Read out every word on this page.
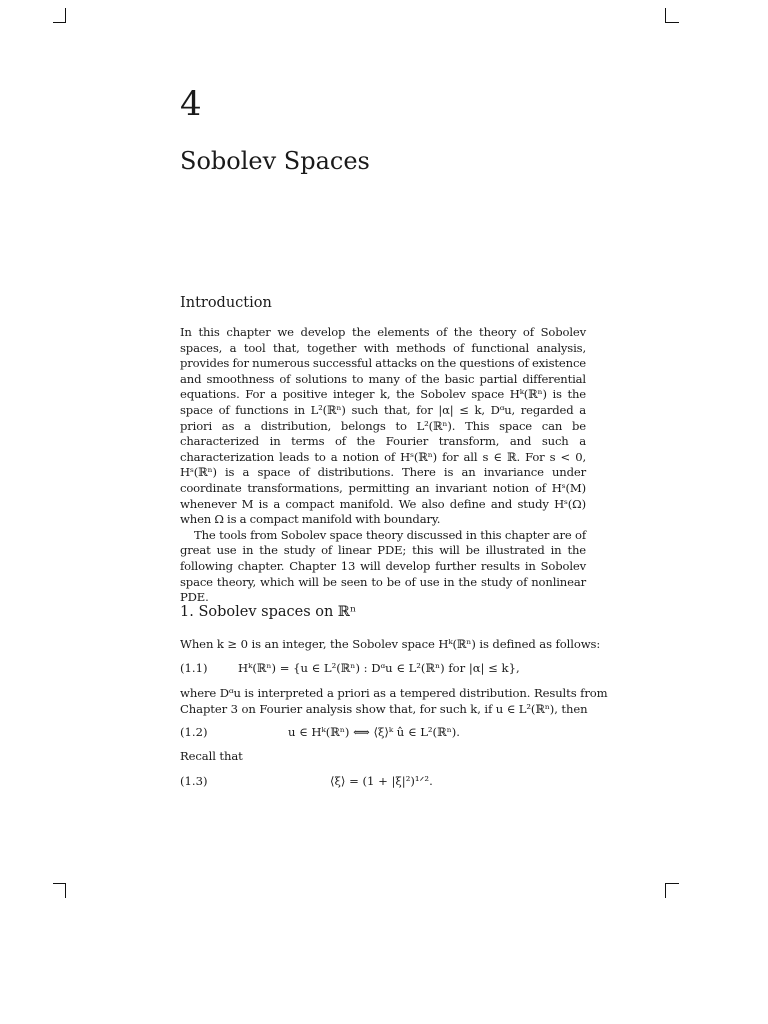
4
Sobolev Spaces
Introduction

In this chapter we develop the elements of the theory of Sobolev spaces, a tool that, together with methods of functional analysis, provides for numerous successful attacks on the questions of existence and smoothness of solutions to many of the basic partial differential equations. For a positive integer k, the Sobolev space Hᵏ(ℝⁿ) is the space of functions in L²(ℝⁿ) such that, for |α| ≤ k, Dᵅu, regarded a priori as a distribution, belongs to L²(ℝⁿ). This space can be characterized in terms of the Fourier transform, and such a characterization leads to a notion of Hˢ(ℝⁿ) for all s ∈ ℝ. For s < 0, Hˢ(ℝⁿ) is a space of distributions. There is an invariance under coordinate transformations, permitting an invariant notion of Hˢ(M) whenever M is a compact manifold. We also define and study Hˢ(Ω) when Ω is a compact manifold with boundary.

The tools from Sobolev space theory discussed in this chapter are of great use in the study of linear PDE; this will be illustrated in the following chapter. Chapter 13 will develop further results in Sobolev space theory, which will be seen to be of use in the study of nonlinear PDE.

1. Sobolev spaces on ℝⁿ
When k ≥ 0 is an integer, the Sobolev space Hᵏ(ℝⁿ) is defined as follows:
(1.1)	Hᵏ(ℝⁿ) = {u ∈ L²(ℝⁿ) : Dᵅu ∈ L²(ℝⁿ) for |α| ≤ k},
where Dᵅu is interpreted a priori as a tempered distribution. Results from
Chapter 3 on Fourier analysis show that, for such k, if u ∈ L²(ℝⁿ), then
(1.2)	u ∈ Hᵏ(ℝⁿ) ⟺ ⟨ξ⟩ᵏ û ∈ L²(ℝⁿ).
Recall that
(1.3)	⟨ξ⟩ = (1 + |ξ|²)¹ᐟ².
